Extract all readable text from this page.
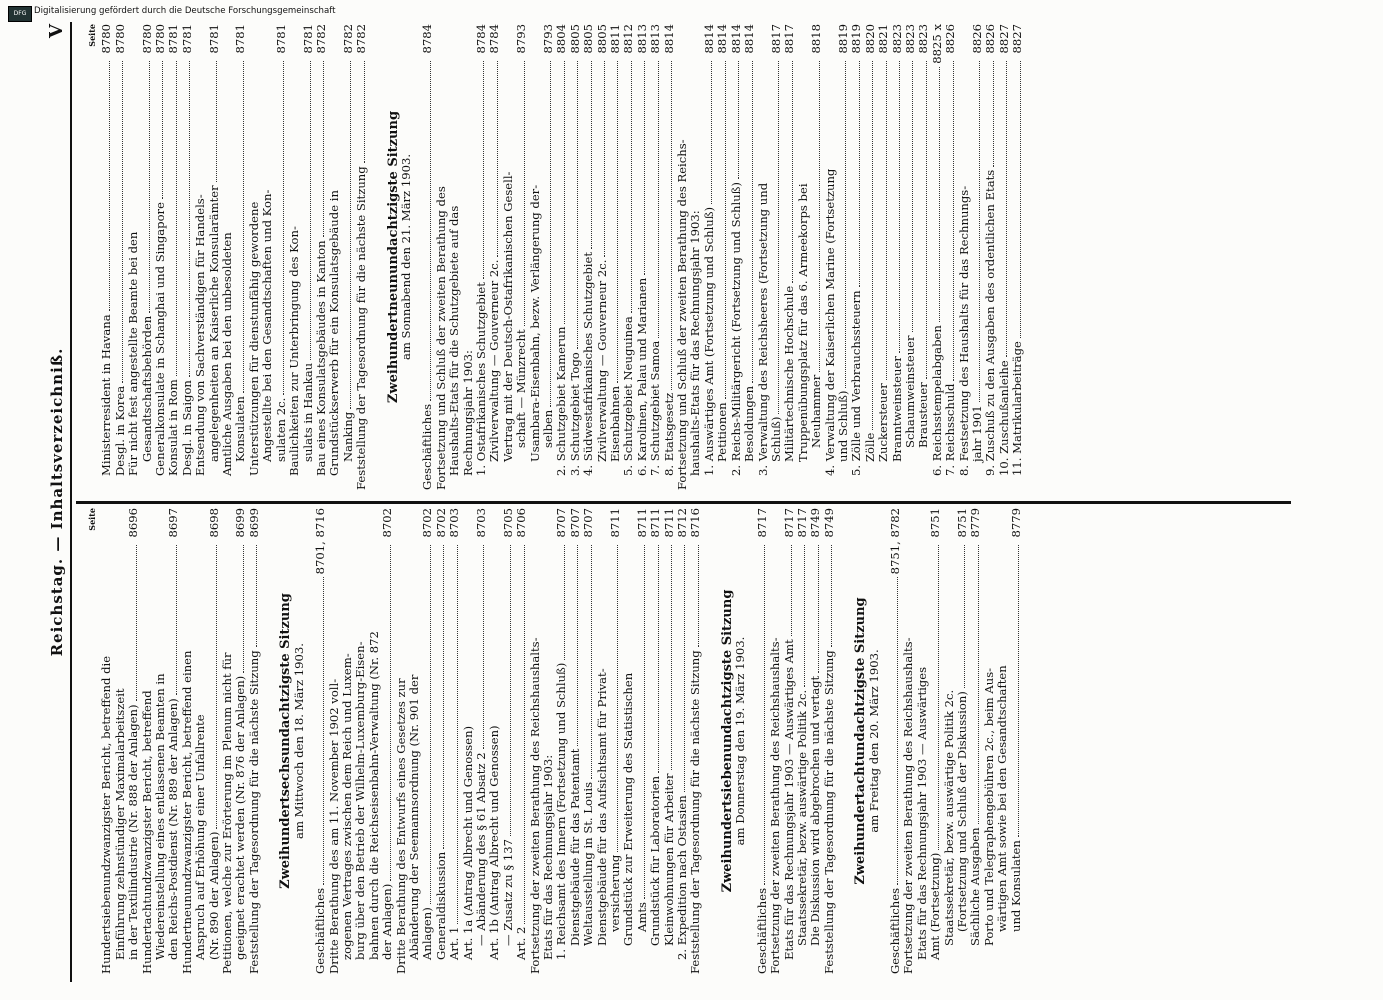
DFG Digitalisierung gefördert durch die Deutsche Forschungsgemeinschaft
Reichstag. — Inhaltsverzeichniß.
V
Seite
Hundertsiebenundzwanzigster Bericht, betreffend die Einführung zehnstündiger Maximalarbeitszeit in der Textilindustrie (Nr. 888 der Anlagen)
8696
Hundertachtundzwanzigster Bericht, betreffend Wiedereinstellung eines entlassenen Beamten in den Reichs-Postdienst (Nr. 889 der Anlagen)
8697
Hundertneunundzwanzigster Bericht, betreffend einen Anspruch auf Erhöhung einer Unfallrente (Nr. 890 der Anlagen)
8698
Petitionen, welche zur Erörterung im Plenum nicht für geeignet erachtet werden (Nr. 876 der Anlagen)
8699
Feststellung der Tagesordnung für die nächste Sitzung
8699
Zweihundertsechsundachtzigste Sitzung
am Mittwoch den 18. März 1903.
Geschäftliches
8701, 8716
Dritte Berathung des am 11. November 1902 voll- zogenen Vertrages zwischen dem Reich und Luxem- burg über den Betrieb der Wilhelm-Luxemburg-Eisen- bahnen durch die Reichseisenbahn-Verwaltung (Nr. 872 der Anlagen)
8702
Dritte Berathung des Entwurfs eines Gesetzes zur Abänderung der Seemannsordnung (Nr. 901 der Anlagen)
8702
Generaldiskussion
8702
Art. 1
8703
Art. 1a (Antrag Albrecht und Genossen) — Abänderung des § 61 Absatz 2
8703
Art. 1b (Antrag Albrecht und Genossen) — Zusatz zu § 137
8705
Art. 2
8706
Fortsetzung der zweiten Berathung des Reichshaushalts- Etats für das Rechnungsjahr 1903: 1. Reichsamt des Innern (Fortsetzung und Schluß)
8707
Dienstgebäude für das Patentamt
8707
Weltausstellung in St. Louis
8707
Dienstgebäude für das Aufsichtsamt für Privat- versicherung
8711
Grundstück zur Erweiterung des Statistischen Amts
8711
Grundstück für Laboratorien
8711
Kleinwohnungen für Arbeiter
8711
2. Expedition nach Ostasien
8712
Feststellung der Tagesordnung für die nächste Sitzung
8716
Zweihundertsiebenundachtzigste Sitzung
am Donnerstag den 19. März 1903.
Geschäftliches
8717
Fortsetzung der zweiten Berathung des Reichshaushalts- Etats für das Rechnungsjahr 1903 — Auswärtiges Amt
8717
Staatssekretär, bezw. auswärtige Politik 2c.
8717
Die Diskussion wird abgebrochen und vertagt
8749
Feststellung der Tagesordnung für die nächste Sitzung
8749
Zweihundertachtundachtzigste Sitzung
am Freitag den 20. März 1903.
Geschäftliches
8751, 8782
Fortsetzung der zweiten Berathung des Reichshaushalts- Etats für das Rechnungsjahr 1903 — Auswärtiges Amt (Fortsetzung)
8751
Staatssekretär, bezw. auswärtige Politik 2c. (Fortsetzung und Schluß der Diskussion)
8751
Sächliche Ausgaben
8779
Porto und Telegraphengebühren 2c., beim Aus- wärtigen Amt sowie bei den Gesandtschaften und Konsulaten
8779
Seite
Ministerresident in Havana
8780
Desgl. in Korea
8780
Für nicht fest angestellte Beamte bei den Gesandtschaftsbehörden
8780
Generalkonsulate in Schanghai und Singapore
8780
Konsulat in Rom
8781
Desgl. in Saigon
8781
Entsendung von Sachverständigen für Handels- angelegenheiten an Kaiserliche Konsularämter
8781
Amtliche Ausgaben bei den unbesoldeten Konsulaten
8781
Unterstützungen für dienstunfähig gewordene Angestellte bei den Gesandtschaften und Kon- sulaten 2c.
8781
Baulichkeiten zur Unterbringung des Kon- sulats in Hankau
8781
Bau eines Konsulatsgebäudes in Kanton
8782
Grundstückserwerb für ein Konsulatsgebäude in Nanking
8782
Feststellung der Tagesordnung für die nächste Sitzung
8782
Zweihundertneunundachtzigste Sitzung
am Sonnabend den 21. März 1903.
Geschäftliches
8784
Fortsetzung und Schluß der zweiten Berathung des Haushalts-Etats für die Schutzgebiete auf das Rechnungsjahr 1903: 1. Ostafrikanisches Schutzgebiet
8784
Zivilverwaltung — Gouverneur 2c.
8784
Vertrag mit der Deutsch-Ostafrikanischen Gesell- schaft — Münzrecht
8793
Usambara-Eisenbahn, bezw. Verlängerung der- selben
8793
2. Schutzgebiet Kamerun
8804
3. Schutzgebiet Togo
8805
4. Südwestafrikanisches Schutzgebiet
8805
Zivilverwaltung — Gouverneur 2c.
8805
Eisenbahnen
8811
5. Schutzgebiet Neuguinea
8812
6. Karolinen, Palau und Marianen
8813
7. Schutzgebiet Samoa
8813
8. Etatsgesetz
8814
Fortsetzung und Schluß der zweiten Berathung des Reichs- haushalts-Etats für das Rechnungsjahr 1903: 1. Auswärtiges Amt (Fortsetzung und Schluß)
8814
Petitionen
8814
2. Reichs-Militärgericht (Fortsetzung und Schluß)
8814
Besoldungen
8814
3. Verwaltung des Reichsheeres (Fortsetzung und Schluß)
8817
Militärtechnische Hochschule
8817
Truppenübungsplatz für das 6. Armeekorps bei Neuhammer
8818
4. Verwaltung der Kaiserlichen Marine (Fortsetzung und Schluß)
8819
5. Zölle und Verbrauchssteuern
8819
Zölle
8820
Zuckersteuer
8821
Branntweinsteuer
8823
Schaumweinsteuer
8823
Brausteuer
8823
6. Reichsstempelabgaben
8825 x
7. Reichsschuld
8826
8. Festsetzung des Haushalts für das Rechnungs- jahr 1901
8826
9. Zuschuß zu den Ausgaben des ordentlichen Etats
8826
10. Zuschußanleihe
8827
11. Matrikularbeiträge
8827
